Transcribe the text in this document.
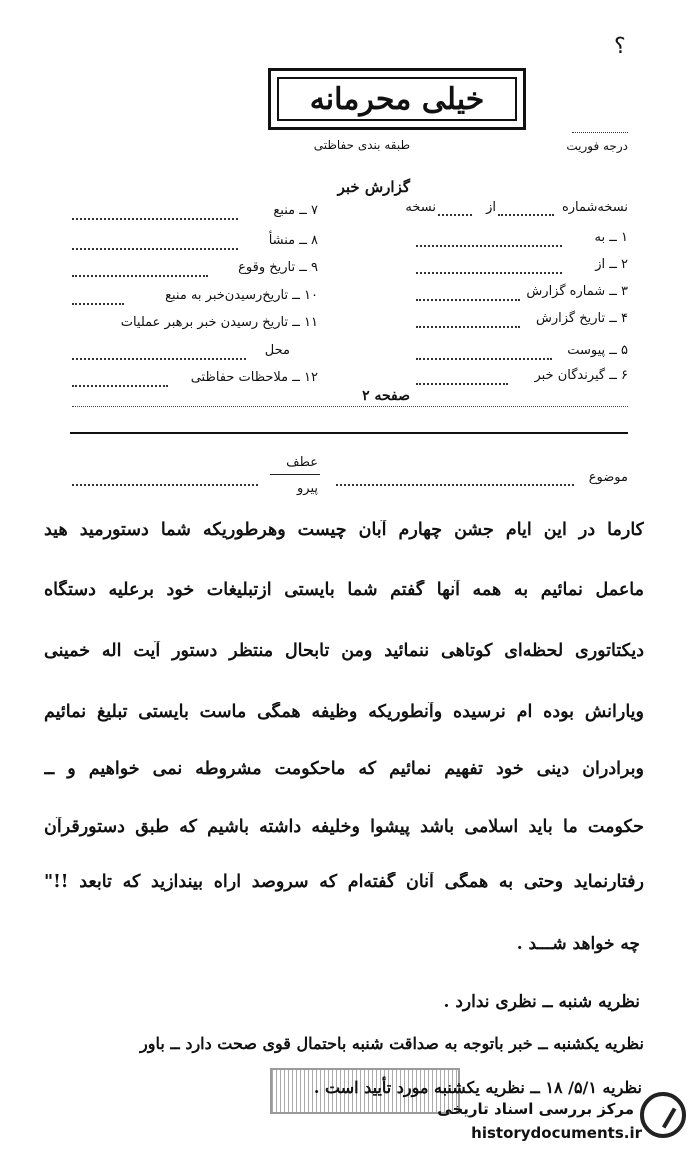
؟
خیلی محرمانه
طبقه بندی حفاظتی	درجه فوریت
گزارش خبر
نسخه‌شماره
از
نسخه
۱ ــ به
۲ ــ از
۳ ــ شماره گزارش
۴ ــ تاریخ گزارش
۵ ــ پیوست
۶ ــ گیرندگان خبر
۷ ــ منبع
۸ ــ منشأ
۹ ــ تاریخ وقوع
۱۰ ــ تاریخ‌رسیدن‌خبر به منبع
۱۱ ــ تاریخ رسیدن خبر برهبر عملیات
محل
۱۲ ــ ملاحظات حفاظتی
صفحه ۲
عطف
پیرو
موضوع
کارما در این ایام جشن چهارم آبان چیست وهرطوریکه شما دستورمید هید
ماعمل نمائیم به همه آنها گفتم شما بایستی ازتبلیغات خود برعلیه دستگاه
دیکتاتوری لحظه‌ای کوتاهی ننمائید ومن تابحال منتظر دستور آیت اله خمینی
ویارانش بوده ام نرسیده وآنطوریکه وظیفه همگی ماست بایستی تبلیغ نمائیم
وبرادران دینی خود تفهیم نمائیم که ماحکومت مشروطه نمی خواهیم و ــ
حکومت ما باید اسلامی باشد پیشوا وخلیفه داشته باشیم که طبق دستورقرآن
رفتارنماید وحتی به همگی آنان گفته‌ام که سروصد اراه بیندازید که تابعد !!"
چه خواهد شـــد .
نظریه شنبه ــ نظری ندارد .
نظریه یکشنبه ــ خبر باتوجه به صداقت شنبه باحتمال قوی صحت دارد ــ باور
نظریه ۵/۱/ ۱۸ ــ نظریه یکشنبه مورد تأیید است .
مرکز بررسی اسناد تاریخی
historydocuments.ir
